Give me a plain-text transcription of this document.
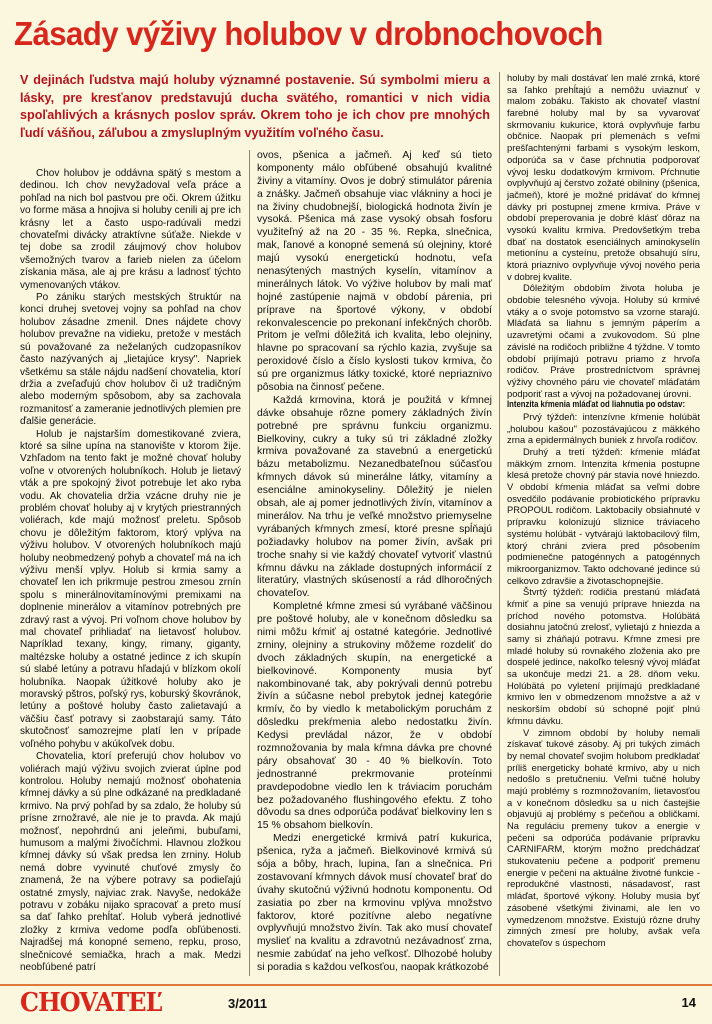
Zásady výživy holubov v drobnochovoch
V dejinách ľudstva majú holuby významné postavenie. Sú symbolmi mieru a lásky, pre kresťanov predstavujú ducha svätého, romantici v nich vidia spoľahlivých a krásnych poslov správ. Okrem toho je ich chov pre mnohých ľudí vášňou, záľubou a zmysluplným využitím voľného času.

Chov holubov je oddávna spätý s mestom a dedinou. Ich chov nevyžadoval veľa práce a pohľad na nich bol pastvou pre oči. Okrem úžitku vo forme mäsa a hnojiva si holuby cenili aj pre ich krásny let a často uspo-radúvali medzi chovateľmi divácky atraktívne súťaže. Niekde v tej dobe sa zrodil záujmový chov holubov všemožných tvarov a farieb nielen za účelom získania mäsa, ale aj pre krásu a ladnosť týchto vymenovaných vtákov.

Po zániku starých mestských štruktúr na konci druhej svetovej vojny sa pohľad na chov holubov zásadne zmenil. Dnes nájdete chovy holubov prevažne na vidieku, pretože v mestách sú považované za neželaných cudzopasníkov často nazývaných aj „lietajúce krysy". Napriek všetkému sa stále nájdu nadšení chovatelia, ktorí držia a zveľaďujú chov holubov či už tradičným alebo moderným spôsobom, aby sa zachovala rozmanitosť a zameranie jednotlivých plemien pre ďalšie generácie.

Holub je najstarším domestikované zviera, ktoré sa silne upína na stanovište v ktorom žije. Vzhľadom na tento fakt je možné chovať holuby voľne v otvorených holubníkoch. Holub je lietavý vták a pre spokojný život potrebuje let ako ryba vodu. Ak chovatelia držia vzácne druhy nie je problém chovať holuby aj v krytých priestranných voliérach, kde majú možnosť preletu. Spôsob chovu je dôležitým faktorom, ktorý vplýva na výživu holubov. V otvorených holubníkoch majú holuby neobmedzený pohyb a chovateľ má na ich výživu menší vplyv. Holub si krmia samy a chovateľ len ich prikrmuje pestrou zmesou zrnín spolu s minerálnovitamínovými premixami na doplnenie minerálov a vitamínov potrebných pre zdravý rast a vývoj. Pri voľnom chove holubov by mal chovateľ prihliadať na lietavosť holubov. Napríklad texany, kingy, rimany, giganty, maltézske holuby a ostatné jedince z ich skupín sú slabé letúny a potravu hľadajú v blízkom okolí holubníka. Naopak úžitkové holuby ako je moravský pštros, poľský rys, koburský škovránok, letúny a poštové holuby často zalietavajú a väčšiu časť potravy si zaobstarajú samy. Táto skutočnosť samozrejme platí len v prípade voľného pohybu v akúkoľvek dobu.

Chovatelia, ktorí preferujú chov holubov vo voliérach majú výživu svojich zvierat úplne pod kontrolou. Holuby nemajú možnosť obohatenia kŕmnej dávky a sú plne odkázané na predkladané krmivo. Na prvý pohľad by sa zdalo, že holuby sú prísne zrnožravé, ale nie je to pravda. Ak majú možnosť, nepohrdnú ani jeleňmi, bubuľami, humusom a malými živočíchmi. Hlavnou zložkou kŕmnej dávky sú však predsa len zrniny. Holub nemá dobre vyvinuté chuťové zmysly čo znamená, že na výbere potravy sa podieľajú ostatné zmysly, najviac zrak. Navyše, nedokáže potravu v zobáku nijako spracovať a preto musí sa dať ľahko prehĺtať. Holub vyberá jednotlivé zložky z krmiva vedome podľa obľúbenosti. Najradšej má konopné semeno, repku, proso, slnečnicové semiačka, hrach a mak. Medzi neobľúbené patrí

ovos, pšenica a jačmeň. Aj keď sú tieto komponenty málo obľúbené obsahujú kvalitné živiny a vitamíny. Ovos je dobrý stimulátor párenia a znášky. Jačmeň obsahuje viac vlákniny a hoci je na živiny chudobnejší, biologická hodnota živín je vysoká. Pšenica má zase vysoký obsah fosforu využiteľný až na 20 - 35 %. Repka, slnečnica, mak, ľanové a konopné semená sú olejniny, ktoré majú vysokú energetickú hodnotu, veľa nenasýtených mastných kyselín, vitamínov a minerálnych látok. Vo výžive holubov by mali mať hojné zastúpenie najmä v období párenia, pri príprave na športové výkony, v období rekonvalescencie po prekonaní infekčných chorôb. Pritom je veľmi dôležitá ich kvalita, lebo olejniny, hlavne po spracovaní sa rýchlo kazia, zvyšuje sa peroxidové číslo a číslo kyslosti tukov krmiva, čo sú pre organizmus látky toxické, ktoré nepriaznivo pôsobia na činnosť pečene.

Každá krmovina, ktorá je použitá v kŕmnej dávke obsahuje rôzne pomery základných živín potrebné pre správnu funkciu organizmu. Bielkoviny, cukry a tuky sú tri základné zložky krmiva považované za stavebnú a energetickú bázu metabolizmu. Nezanedbateľnou súčasťou kŕmnych dávok sú minerálne látky, vitamíny a esenciálne aminokyseliny. Dôležitý je nielen obsah, ale aj pomer jednotlivých živín, vitamínov a minerálov. Na trhu je veľké množstvo priemyselne vyrábaných kŕmnych zmesí, ktoré presne spĺňajú požiadavky holubov na pomer živín, avšak pri troche snahy si vie každý chovateľ vytvoriť vlastnú kŕmnu dávku na základe dostupných informácií z literatúry, vlastných skúseností a rád dlhoročných chovateľov.

Kompletné kŕmne zmesi sú vyrábané väčšinou pre poštové holuby, ale v konečnom dôsledku sa nimi môžu kŕmiť aj ostatné kategórie. Jednotlivé zrniny, olejniny a strukoviny môžeme rozdeliť do dvoch základných skupín, na energetické a bielkovinové. Komponenty musia byť nakombinované tak, aby pokrývali dennú potrebu živín a súčasne nebol prebytok jednej kategórie krmív, čo by viedlo k metabolickým poruchám z dôsledku prekŕmenia alebo nedostatku živín. Kedysi prevládal názor, že v období rozmnožovania by mala kŕmna dávka pre chovné páry obsahovať 30 - 40 % bielkovín. Toto jednostranné prekrmovanie proteínmi pravdepodobne viedlo len k tráviacim poruchám bez požadovaného flushingového efektu. Z toho dôvodu sa dnes odporúča podávať bielkoviny len s 15 % obsahom bielkovín.

Medzi energetické krmivá patrí kukurica, pšenica, ryža a jačmeň. Bielkovinové krmivá sú sója a bôby, hrach, lupina, ľan a slnečnica. Pri zostavovaní kŕmnych dávok musí chovateľ brať do úvahy skutočnú výživnú hodnotu komponentu. Od zasiatia po zber na krmovinu vplýva množstvo faktorov, ktoré pozitívne alebo negatívne ovplyvňujú množstvo živín. Tak ako musí chovateľ myslieť na kvalitu a zdravotnú nezávadnosť zrna, nesmie zabúdať na jeho veľkosť. Dlhozobé holuby si poradia s každou veľkosťou, naopak krátkozobé

holuby by mali dostávať len malé zrnká, ktoré sa ľahko prehĺtajú a nemôžu uviaznuť v malom zobáku. Takisto ak chovateľ vlastní farebné holuby mal by sa vyvarovať skrmovaniu kukurice, ktorá ovplyvňuje farbu občnice. Naopak pri plemenách s veľmi prešľachtenými farbami s vysokým leskom, odporúča sa v čase pŕchnutia podporovať vývoj lesku dodatkovým krmivom. Pŕchnutie ovplyvňujú aj čerstvo zožaté obilniny (pšenica, jačmeň), ktoré je možné pridávať do kŕmnej dávky pri postupnej zmene krmiva. Práve v období preperovania je dobré klásť dôraz na vysokú kvalitu krmiva. Predovšetkým treba dbať na dostatok esenciálnych aminokyselín metionínu a cysteínu, pretože obsahujú síru, ktorá priaznivo ovplyvňuje vývoj nového peria v dobrej kvalite.

Dôležitým obdobím života holuba je obdobie telesného vývoja. Holuby sú krmivé vtáky a o svoje potomstvo sa vzorne starajú. Mláďatá sa liahnu s jemným páperím a uzavretými očami a zvukovodom. Sú plne závislé na rodičoch približne 4 týždne. V tomto období prijímajú potravu priamo z hrvoľa rodičov. Práve prostredníctvom správnej výživy chovného páru vie chovateľ mláďatám podporiť rast a vývoj na požadovanej úrovni.

Intenzita kŕmenia mláďat od liahnutia po odstav:

Prvý týždeň: intenzívne kŕmenie holúbät „holubou kašou" pozostávajúcou z mäkkého zrna a epidermálnych buniek z hrvoľa rodičov.

Druhý a tretí týždeň: kŕmenie mláďat mäkkým zrnom. Intenzita kŕmenia postupne klesá pretože chovný pár stavia nové hniezdo. V období kŕmenia mláďat sa veľmi dobre osvedčilo podávanie probiotického prípravku PROPOUL rodičom. Laktobacily obsiahnuté v prípravku kolonizujú sliznice tráviaceho systému holúbät - vytvárajú laktobacilový film, ktorý chráni zviera pred pôsobením podmienečne patogénnych a patogénnych mikroorganizmov. Takto odchované jedince sú celkovo zdravšie a životaschopnejšie.

Štvrtý týždeň: rodičia prestanú mláďatá kŕmiť a pine sa venujú príprave hniezda na príchod nového potomstva. Holúbätá dosiahnu jatočnú zrelosť, vylietajú z hniezda a samy si zháňajú potravu. Kŕmne zmesi pre mladé holuby sú rovnakého zloženia ako pre dospelé jedince, nakoľko telesný vývoj mláďat sa ukončuje medzi 21. a 28. dňom veku. Holúbätá po vyletení prijímajú predkladané krmivo len v obmedzenom množstve a až v neskorším období sú schopné pojiť plnú kŕmnu dávku.

V zimnom období by holuby nemali získavať tukové zásoby. Aj pri tukých zimách by nemal chovateľ svojim holubom predkladať príliš energeticky bohaté krmivo, aby u nich nedošlo s pretučneniu. Veľmi tučné holuby majú problémy s rozmnožovaním, lietavosťou a v konečnom dôsledku sa u nich častejšie objavujú aj problémy s pečeňou a obličkami. Na reguláciu premeny tukov a energie v pečeni sa odporúča podávanie prípravku CARNIFARM, ktorým možno predchádzať stukovateniu pečene a podporiť premenu energie v pečeni na aktuálne životné funkcie - reprodukčné vlastnosti, násadavosť, rast mláďat, športové výkony. Holuby musia byť zásobené všetkými živinami, ale len vo vymedzenom množstve. Existujú rôzne druhy zimných zmesí pre holuby, avšak veľa chovateľov s úspechom

CHOVATEĽ	3/2011	14
